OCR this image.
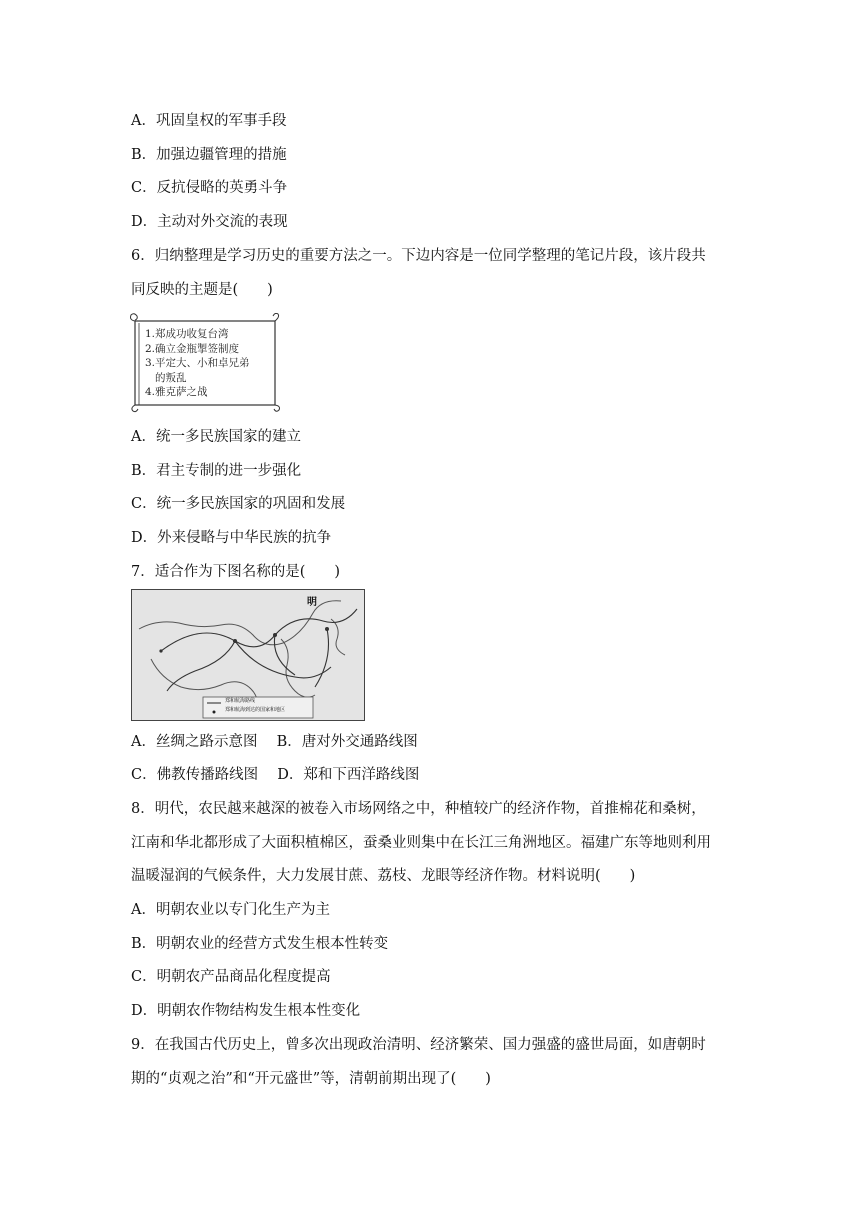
A．巩固皇权的军事手段
B．加强边疆管理的措施
C．反抗侵略的英勇斗争
D．主动对外交流的表现
6．归纳整理是学习历史的重要方法之一。下边内容是一位同学整理的笔记片段，该片段共
同反映的主题是(　　)
1.郑成功收复台湾
2.确立金瓶掣签制度
3.平定大、小和卓兄弟
的叛乱
4.雅克萨之战
A．统一多民族国家的建立
B．君主专制的进一步强化
C．统一多民族国家的巩固和发展
D．外来侵略与中华民族的抗争
7．适合作为下图名称的是(　　)
明
郑和航海路线
郑和航海到达的国家和地区
A．丝绸之路示意图　 B．唐对外交通路线图
C．佛教传播路线图　 D．郑和下西洋路线图
8．明代，农民越来越深的被卷入市场网络之中，种植较广的经济作物，首推棉花和桑树，
江南和华北都形成了大面积植棉区，蚕桑业则集中在长江三角洲地区。福建广东等地则利用
温暖湿润的气候条件，大力发展甘蔗、荔枝、龙眼等经济作物。材料说明(　　)
A．明朝农业以专门化生产为主
B．明朝农业的经营方式发生根本性转变
C．明朝农产品商品化程度提高
D．明朝农作物结构发生根本性变化
9．在我国古代历史上，曾多次出现政治清明、经济繁荣、国力强盛的盛世局面，如唐朝时
期的“贞观之治”和“开元盛世”等，清朝前期出现了(　　)
